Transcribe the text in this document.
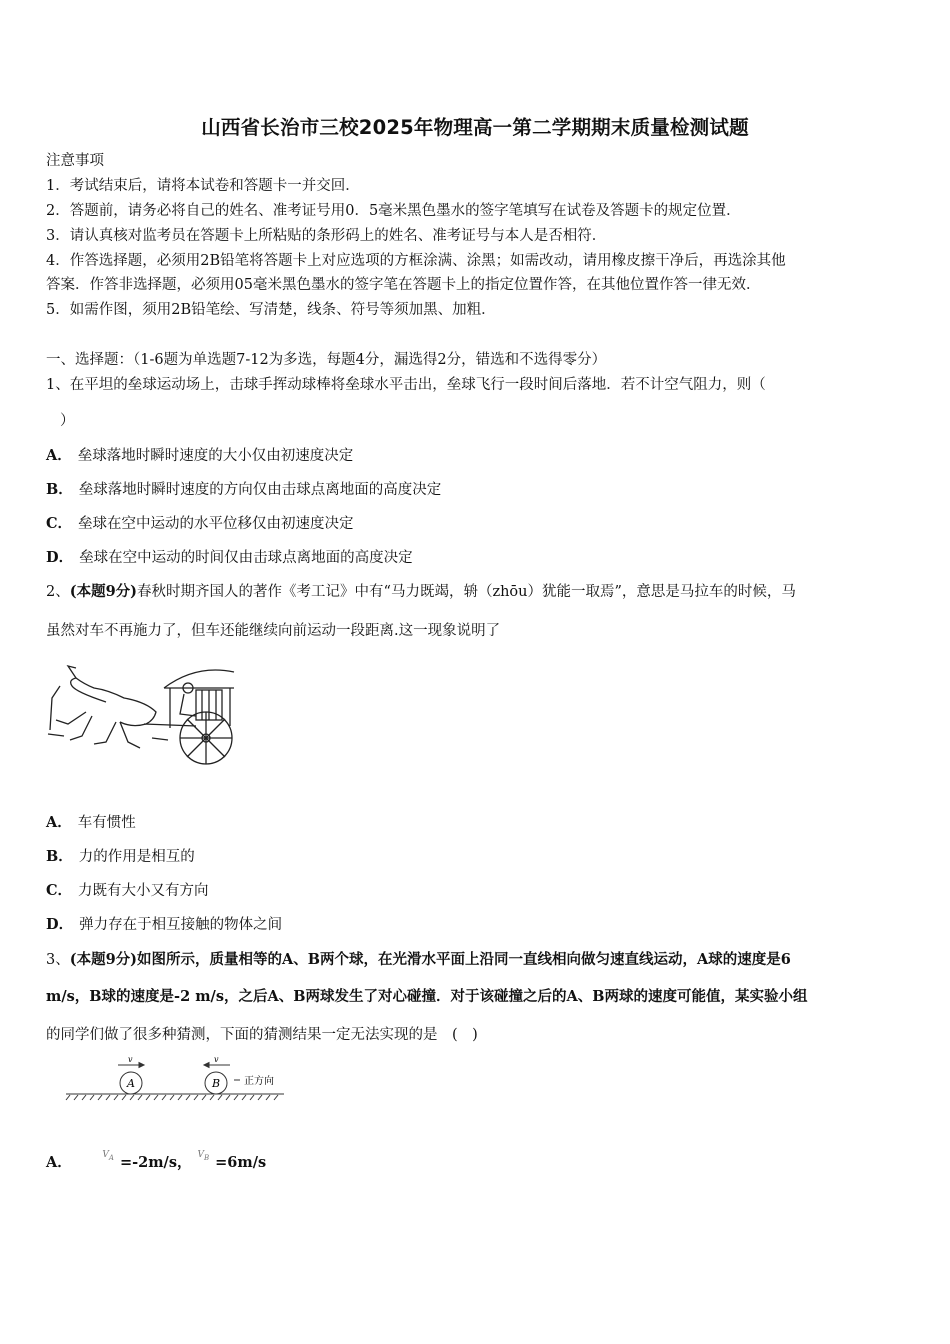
山西省长治市三校2025年物理高一第二学期期末质量检测试题
注意事项
1．考试结束后，请将本试卷和答题卡一并交回．
2．答题前，请务必将自己的姓名、准考证号用0．5毫米黑色墨水的签字笔填写在试卷及答题卡的规定位置．
3．请认真核对监考员在答题卡上所粘贴的条形码上的姓名、准考证号与本人是否相符．
4．作答选择题，必须用2B铅笔将答题卡上对应选项的方框涂满、涂黑；如需改动，请用橡皮擦干净后，再选涂其他
答案．作答非选择题，必须用05毫米黑色墨水的签字笔在答题卡上的指定位置作答，在其他位置作答一律无效．
5．如需作图，须用2B铅笔绘、写清楚，线条、符号等须加黑、加粗．
一、选择题：（1-6题为单选题7-12为多选，每题4分，漏选得2分，错选和不选得零分）
1、在平坦的垒球运动场上，击球手挥动球棒将垒球水平击出，垒球飞行一段时间后落地．若不计空气阻力，则（
）
A． 垒球落地时瞬时速度的大小仅由初速度决定
B． 垒球落地时瞬时速度的方向仅由击球点离地面的高度决定
C． 垒球在空中运动的水平位移仅由初速度决定
D． 垒球在空中运动的时间仅由击球点离地面的高度决定
2、(本题9分)春秋时期齐国人的著作《考工记》中有“马力既竭，辀（zhōu）犹能一取焉”，意思是马拉车的时候，马
虽然对车不再施力了，但车还能继续向前运动一段距离.这一现象说明了
A． 车有惯性
B． 力的作用是相互的
C． 力既有大小又有方向
D． 弹力存在于相互接触的物体之间
3、(本题9分)如图所示，质量相等的A、B两个球，在光滑水平面上沿同一直线相向做匀速直线运动，A球的速度是6
m/s，B球的速度是-2 m/s，之后A、B两球发生了对心碰撞．对于该碰撞之后的A、B两球的速度可能值，某实验小组
的同学们做了很多种猜测，下面的猜测结果一定无法实现的是　(　)
A	B
v	v
正方向
A．	$^{VA}$ =-2m/s， $^{VB}$ =6m/s
